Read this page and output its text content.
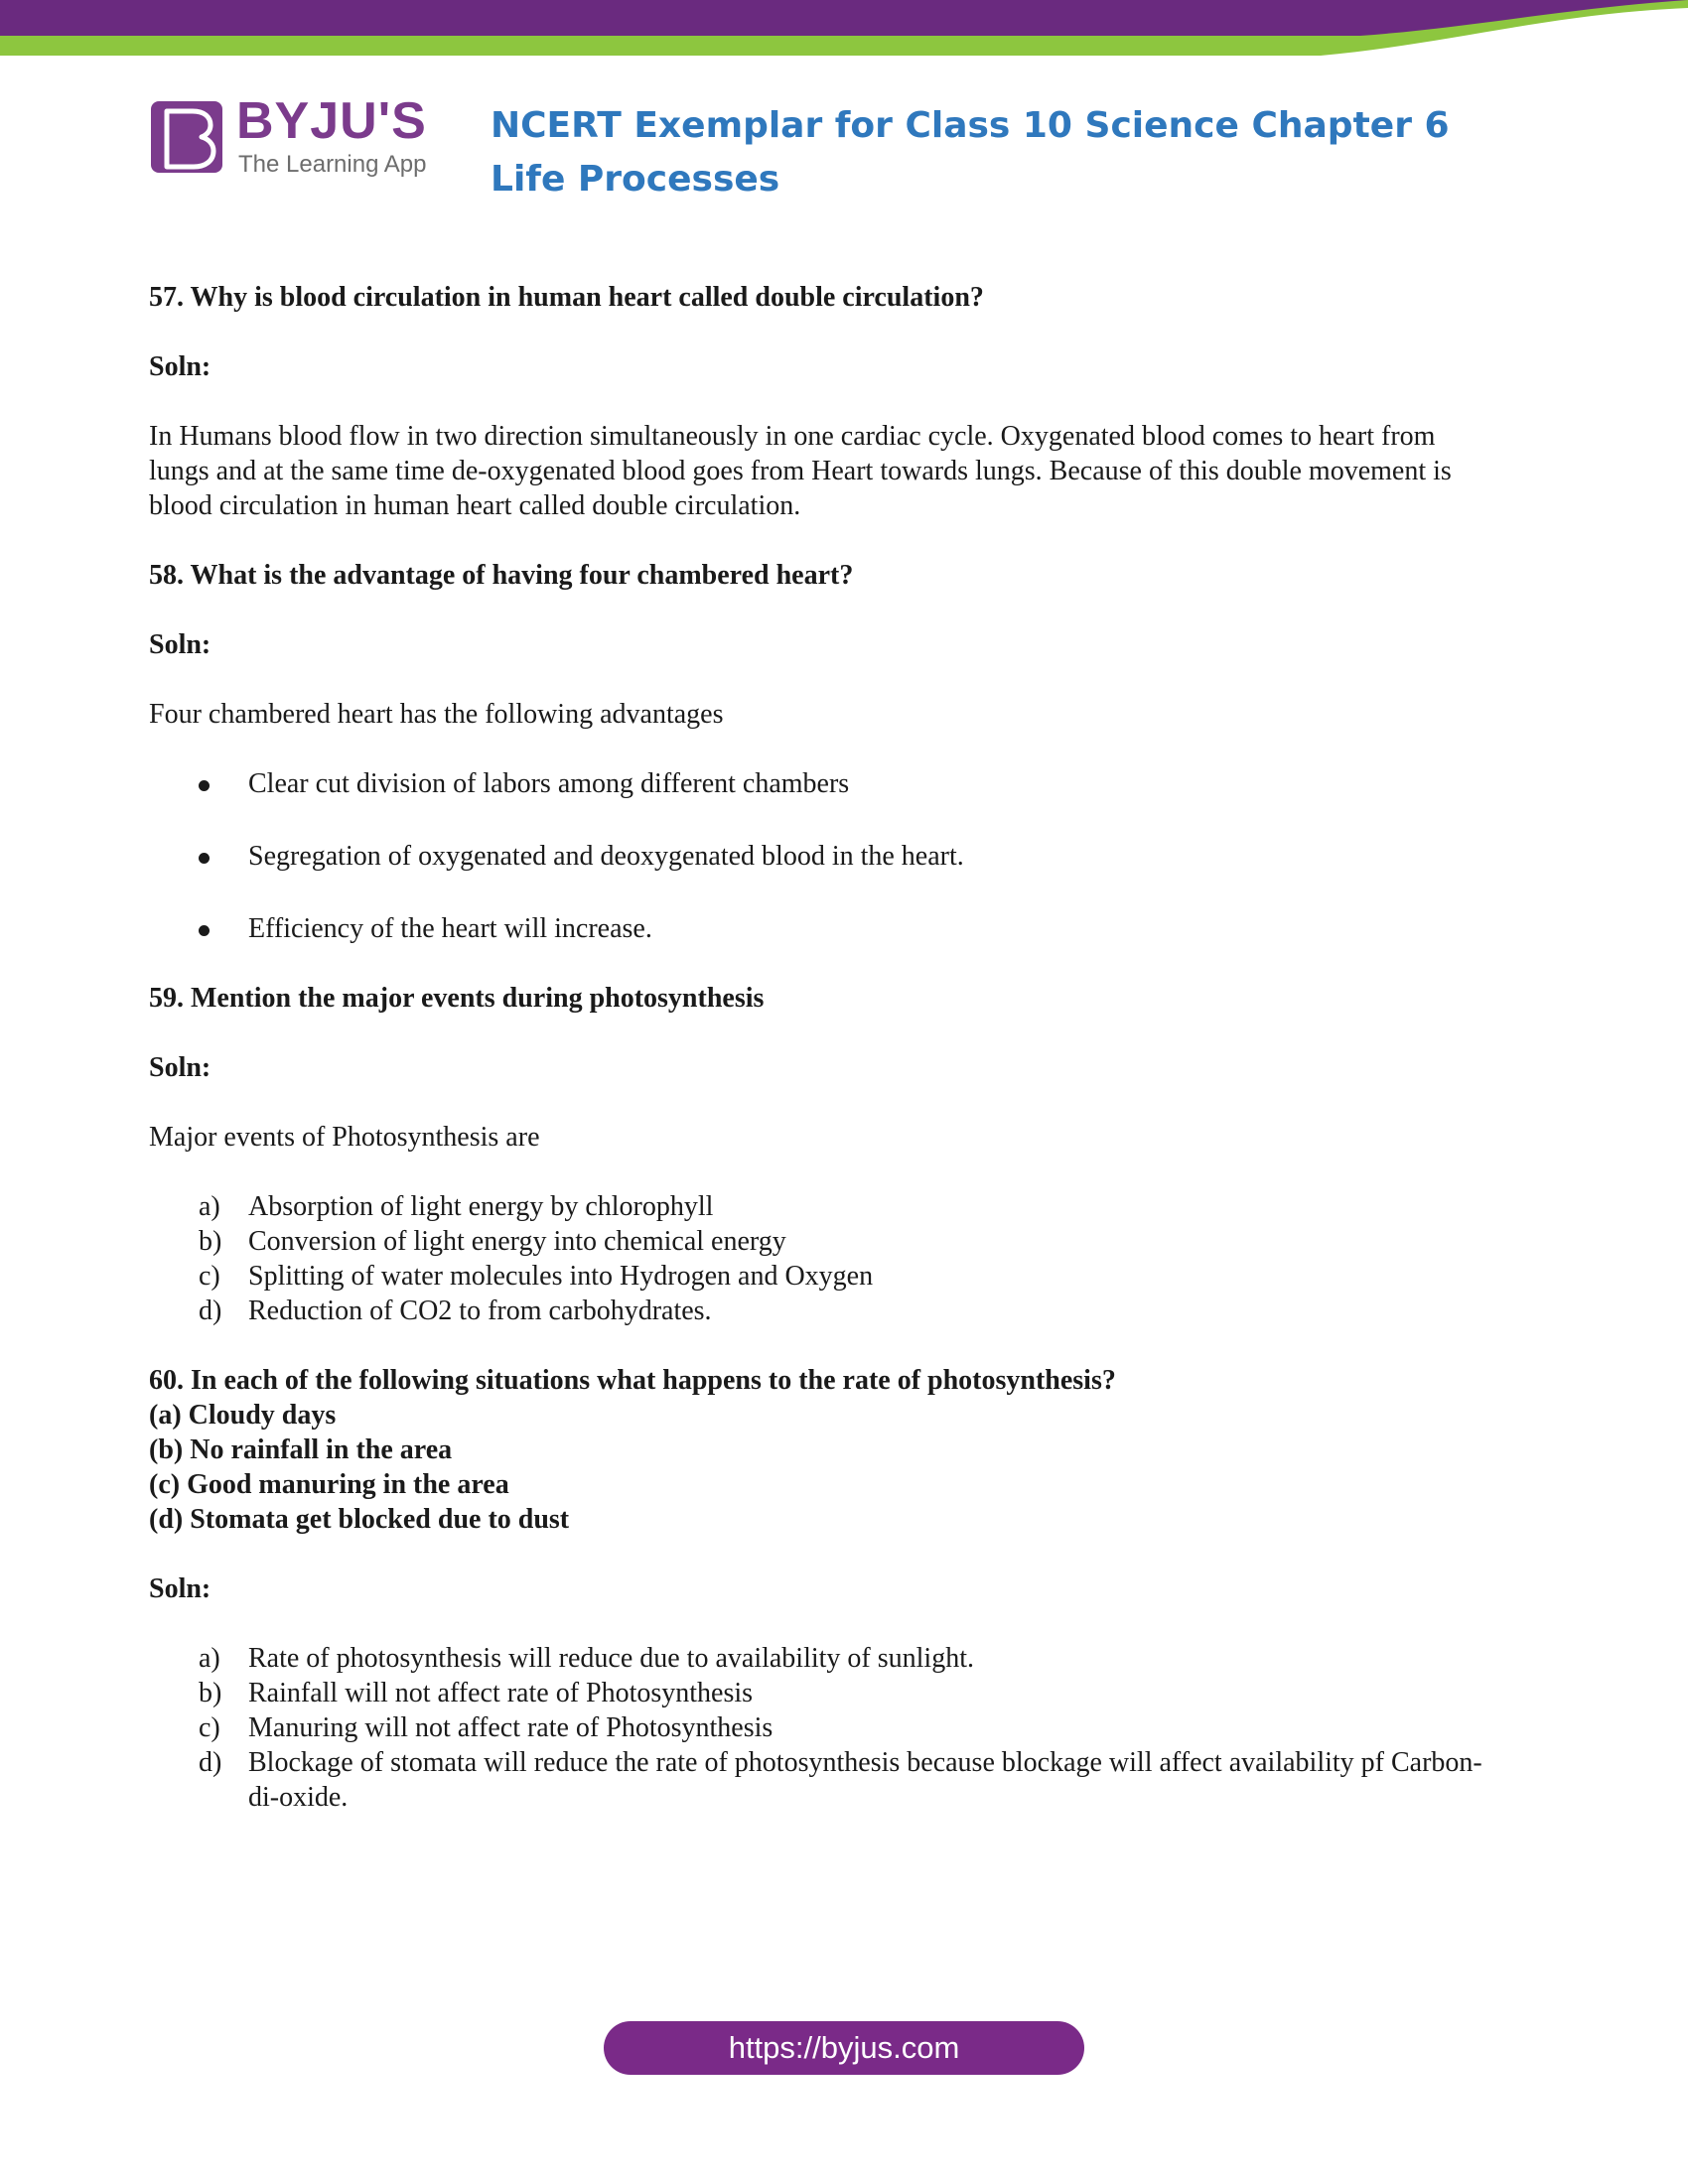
BYJU'S
The Learning App
NCERT Exemplar for Class 10 Science Chapter 6 Life Processes

57. Why is blood circulation in human heart called double circulation?

Soln:

In Humans blood flow in two direction simultaneously in one cardiac cycle. Oxygenated blood comes to heart from lungs and at the same time de-oxygenated blood goes from Heart towards lungs. Because of this double movement is blood circulation in human heart called double circulation.

58. What is the advantage of having four chambered heart?

Soln:

Four chambered heart has the following advantages

Clear cut division of labors among different chambers
Segregation of oxygenated and deoxygenated blood in the heart.
Efficiency of the heart will increase.

59. Mention the major events during photosynthesis

Soln:

Major events of Photosynthesis are

a) Absorption of light energy by chlorophyll
b) Conversion of light energy into chemical energy
c) Splitting of water molecules into Hydrogen and Oxygen
d) Reduction of CO2 to from carbohydrates.

60. In each of the following situations what happens to the rate of photosynthesis?

(a) Cloudy days

(b) No rainfall in the area

(c) Good manuring in the area

(d) Stomata get blocked due to dust

Soln:

a) Rate of photosynthesis will reduce due to availability of sunlight.
b) Rainfall will not affect rate of Photosynthesis
c) Manuring will not affect rate of Photosynthesis
d) Blockage of stomata will reduce the rate of photosynthesis because blockage will affect availability pf Carbon-di-oxide.
https://byjus.com
